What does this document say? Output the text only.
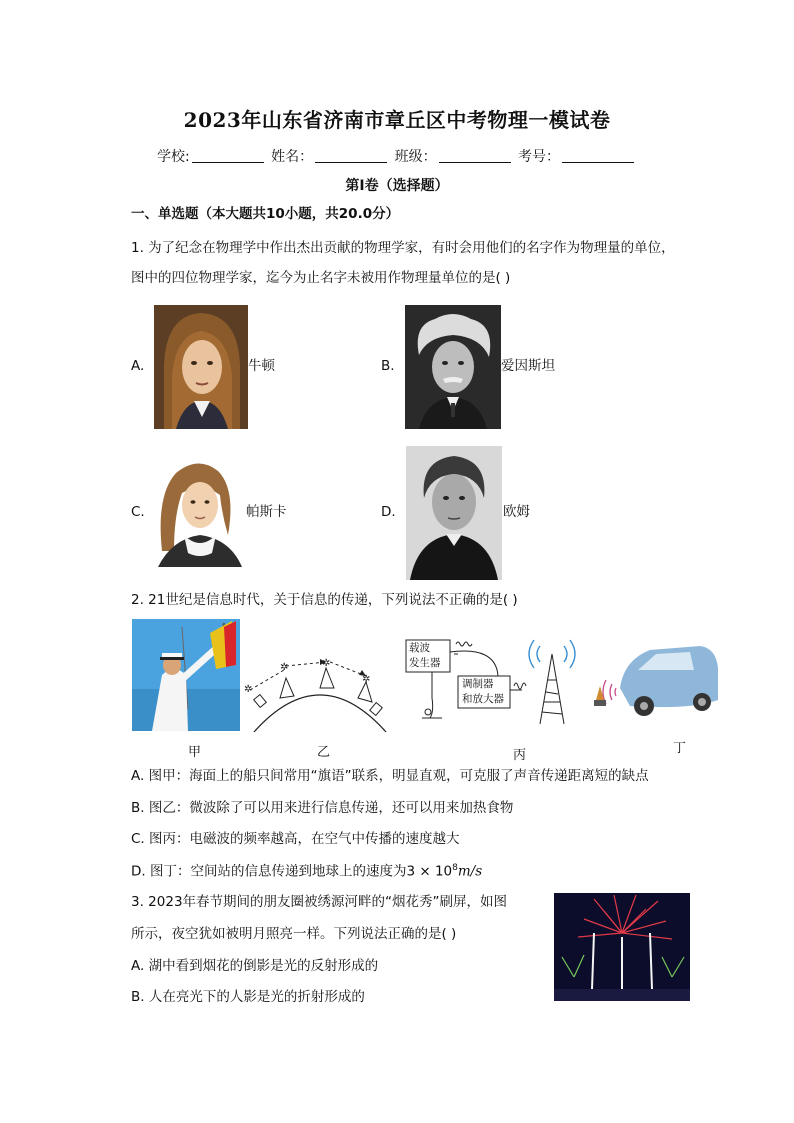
2023年山东省济南市章丘区中考物理一模试卷
学校:	姓名：	班级：	考号：
第I卷（选择题）
一、单选题（本大题共10小题，共20.0分）
1. 为了纪念在物理学中作出杰出贡献的物理学家，有时会用他们的名字作为物理量的单位，
图中的四位物理学家，迄今为止名字未被用作物理量单位的是( )
A.	牛顿	B.	爱因斯坦
C.	帕斯卡	D.	欧姆
2. 21世纪是信息时代，关于信息的传递，下列说法不正确的是( )
甲
✲
✲	✲
✲
乙
载波
发生器
调制器
和放大器
丙	丁
A. 图甲：海面上的船只间常用“旗语”联系，明显直观，可克服了声音传递距离短的缺点
B. 图乙：微波除了可以用来进行信息传递，还可以用来加热食物
C. 图丙：电磁波的频率越高，在空气中传播的速度越大
D. 图丁：空间站的信息传递到地球上的速度为$3 \times 10^8m/s$
3. 2023年春节期间的朋友圈被绣源河畔的“烟花秀”刷屏，如图
所示，夜空犹如被明月照亮一样。下列说法正确的是( )
A. 湖中看到烟花的倒影是光的反射形成的
B. 人在亮光下的人影是光的折射形成的
